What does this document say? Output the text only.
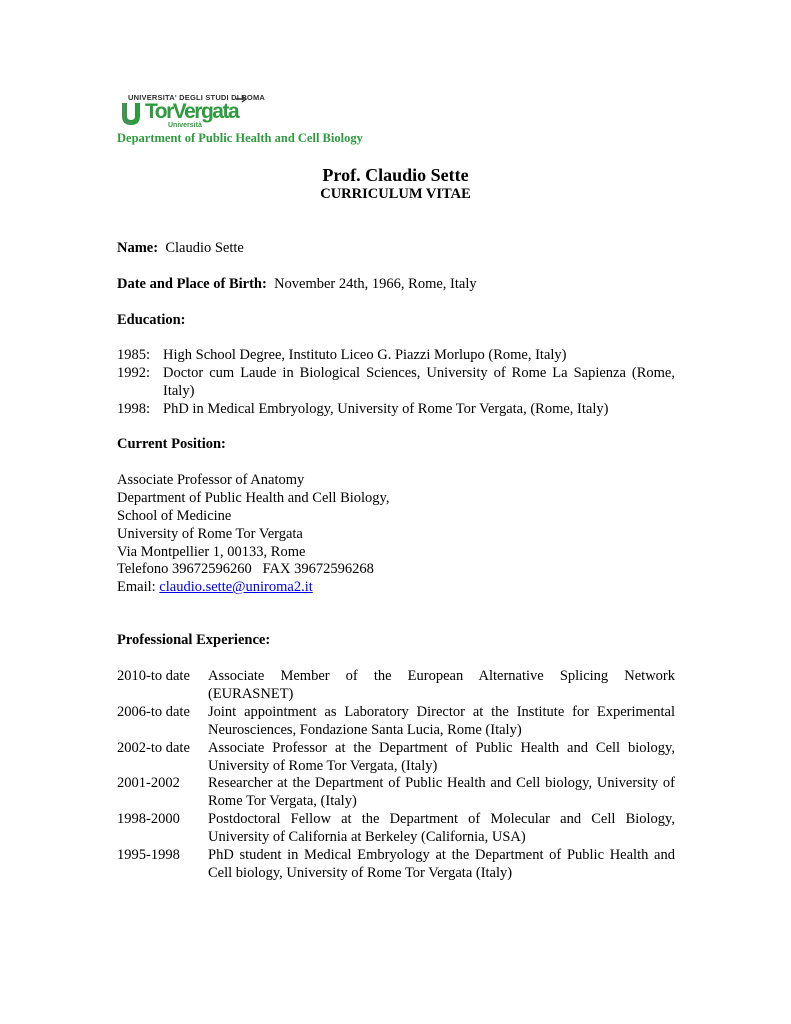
UNIVERSITA' DEGLI STUDI DI ROMA
TorVergata
Università
Department of Public Health and Cell Biology
Prof. Claudio Sette
CURRICULUM VITAE
Name: Claudio Sette
Date and Place of Birth: November 24th, 1966, Rome, Italy
Education:
1985: High School Degree, Instituto Liceo G. Piazzi Morlupo (Rome, Italy)
1992: Doctor cum Laude in Biological Sciences, University of Rome La Sapienza (Rome, Italy)
1998: PhD in Medical Embryology, University of Rome Tor Vergata, (Rome, Italy)
Current Position:
Associate Professor of Anatomy
Department of Public Health and Cell Biology,
School of Medicine
University of Rome Tor Vergata
Via Montpellier 1, 00133, Rome
Telefono 39672596260   FAX 39672596268
Email: claudio.sette@uniroma2.it
Professional Experience:
2010-to date Associate Member of the European Alternative Splicing Network (EURASNET)
2006-to date Joint appointment as Laboratory Director at the Institute for Experimental Neurosciences, Fondazione Santa Lucia, Rome (Italy)
2002-to date Associate Professor at the Department of Public Health and Cell biology, University of Rome Tor Vergata, (Italy)
2001-2002 Researcher at the Department of Public Health and Cell biology, University of Rome Tor Vergata, (Italy)
1998-2000 Postdoctoral Fellow at the Department of Molecular and Cell Biology, University of California at Berkeley (California, USA)
1995-1998 PhD student in Medical Embryology at the Department of Public Health and Cell biology, University of Rome Tor Vergata (Italy)
